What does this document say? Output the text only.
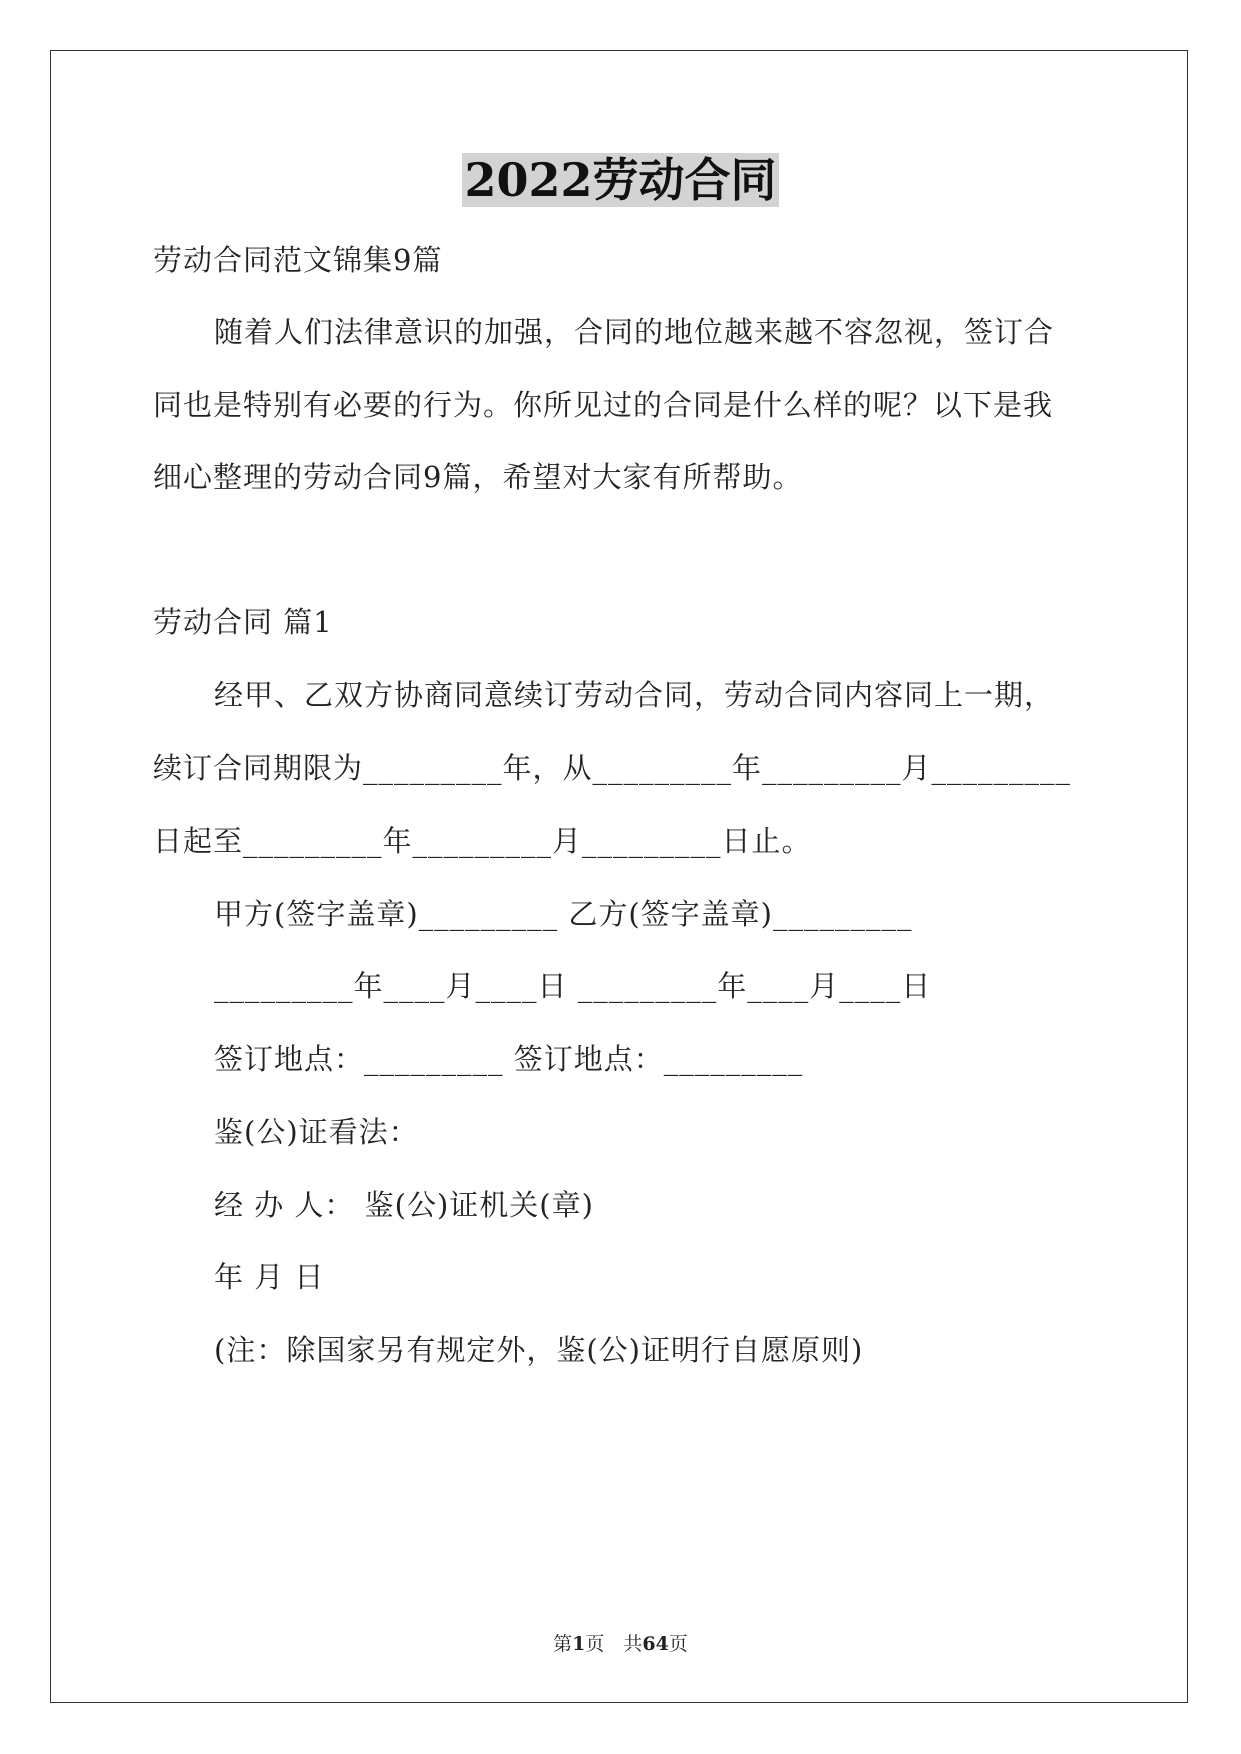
2022劳动合同
劳动合同范文锦集9篇
随着人们法律意识的加强，合同的地位越来越不容忽视，签订合
同也是特别有必要的行为。你所见过的合同是什么样的呢？以下是我
细心整理的劳动合同9篇，希望对大家有所帮助。
劳动合同 篇1
经甲、乙双方协商同意续订劳动合同，劳动合同内容同上一期，
续订合同期限为_________年，从_________年_________月_________
日起至_________年_________月_________日止。
甲方(签字盖章)_________ 乙方(签字盖章)_________
_________年____月____日 _________年____月____日
签订地点：_________ 签订地点：_________
鉴(公)证看法：
经 办 人： 鉴(公)证机关(章)
年 月 日
(注：除国家另有规定外，鉴(公)证明行自愿原则)
第1页　共64页
